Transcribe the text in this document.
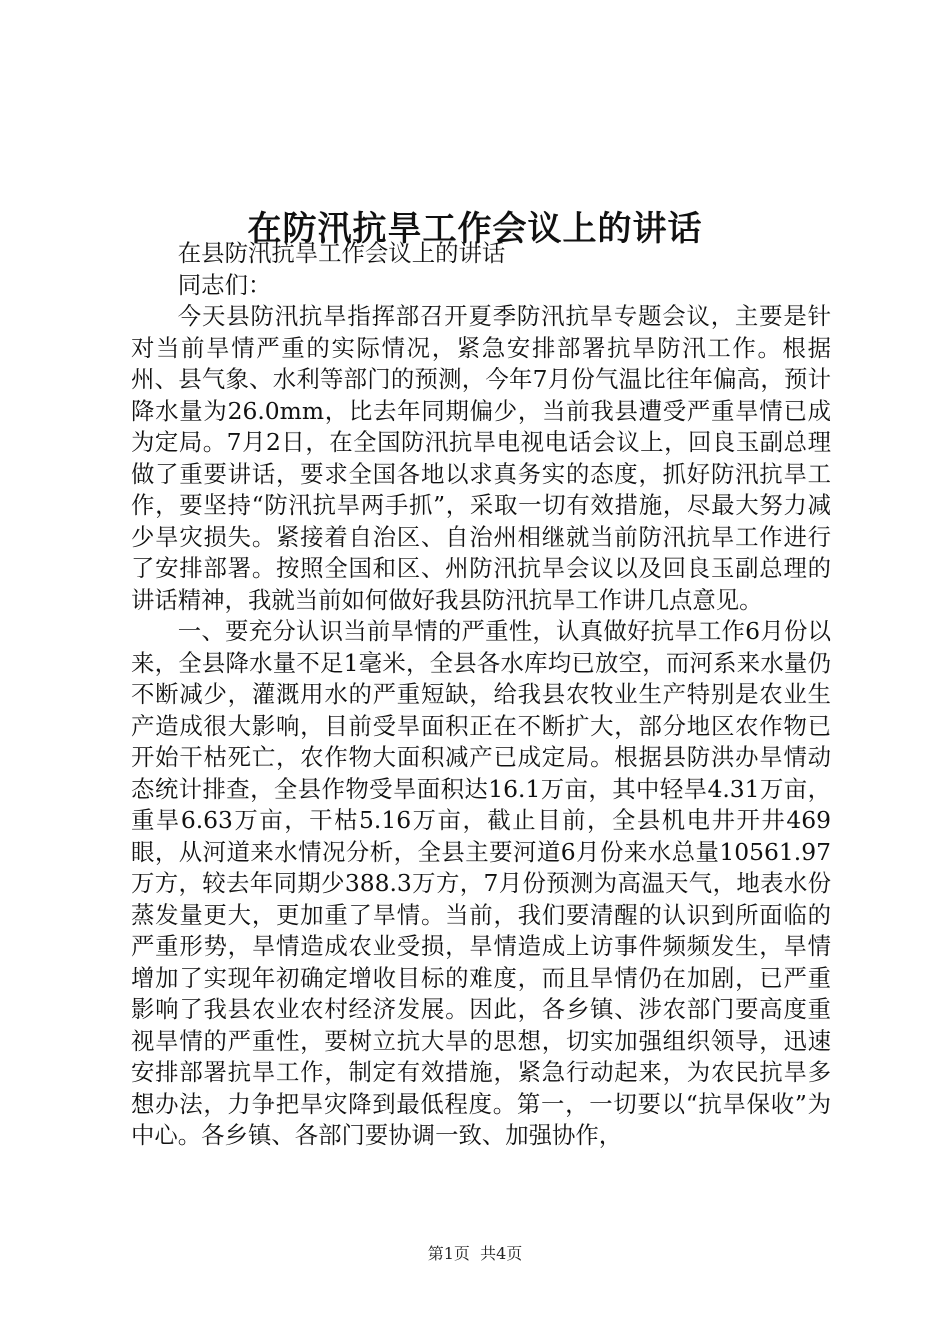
在防汛抗旱工作会议上的讲话

在县防汛抗旱工作会议上的讲话

同志们：

今天县防汛抗旱指挥部召开夏季防汛抗旱专题会议，主要是针对当前旱情严重的实际情况，紧急安排部署抗旱防汛工作。根据州、县气象、水利等部门的预测，今年7月份气温比往年偏高，预计降水量为26.0mm，比去年同期偏少，当前我县遭受严重旱情已成为定局。7月2日，在全国防汛抗旱电视电话会议上，回良玉副总理做了重要讲话，要求全国各地以求真务实的态度，抓好防汛抗旱工作，要坚持“防汛抗旱两手抓”，采取一切有效措施，尽最大努力减少旱灾损失。紧接着自治区、自治州相继就当前防汛抗旱工作进行了安排部署。按照全国和区、州防汛抗旱会议以及回良玉副总理的讲话精神，我就当前如何做好我县防汛抗旱工作讲几点意见。

一、要充分认识当前旱情的严重性，认真做好抗旱工作6月份以来，全县降水量不足1毫米，全县各水库均已放空，而河系来水量仍不断减少，灌溉用水的严重短缺，给我县农牧业生产特别是农业生产造成很大影响，目前受旱面积正在不断扩大，部分地区农作物已开始干枯死亡，农作物大面积减产已成定局。根据县防洪办旱情动态统计排查，全县作物受旱面积达16.1万亩，其中轻旱4.31万亩，重旱6.63万亩，干枯5.16万亩，截止目前，全县机电井开井469眼，从河道来水情况分析，全县主要河道6月份来水总量10561.97万方，较去年同期少388.3万方，7月份预测为高温天气，地表水份蒸发量更大，更加重了旱情。当前，我们要清醒的认识到所面临的严重形势，旱情造成农业受损，旱情造成上访事件频频发生，旱情增加了实现年初确定增收目标的难度，而且旱情仍在加剧，已严重影响了我县农业农村经济发展。因此，各乡镇、涉农部门要高度重视旱情的严重性，要树立抗大旱的思想，切实加强组织领导，迅速安排部署抗旱工作，制定有效措施，紧急行动起来，为农民抗旱多想办法，力争把旱灾降到最低程度。第一，一切要以“抗旱保收”为中心。各乡镇、各部门要协调一致、加强协作，

第1页 共4页
